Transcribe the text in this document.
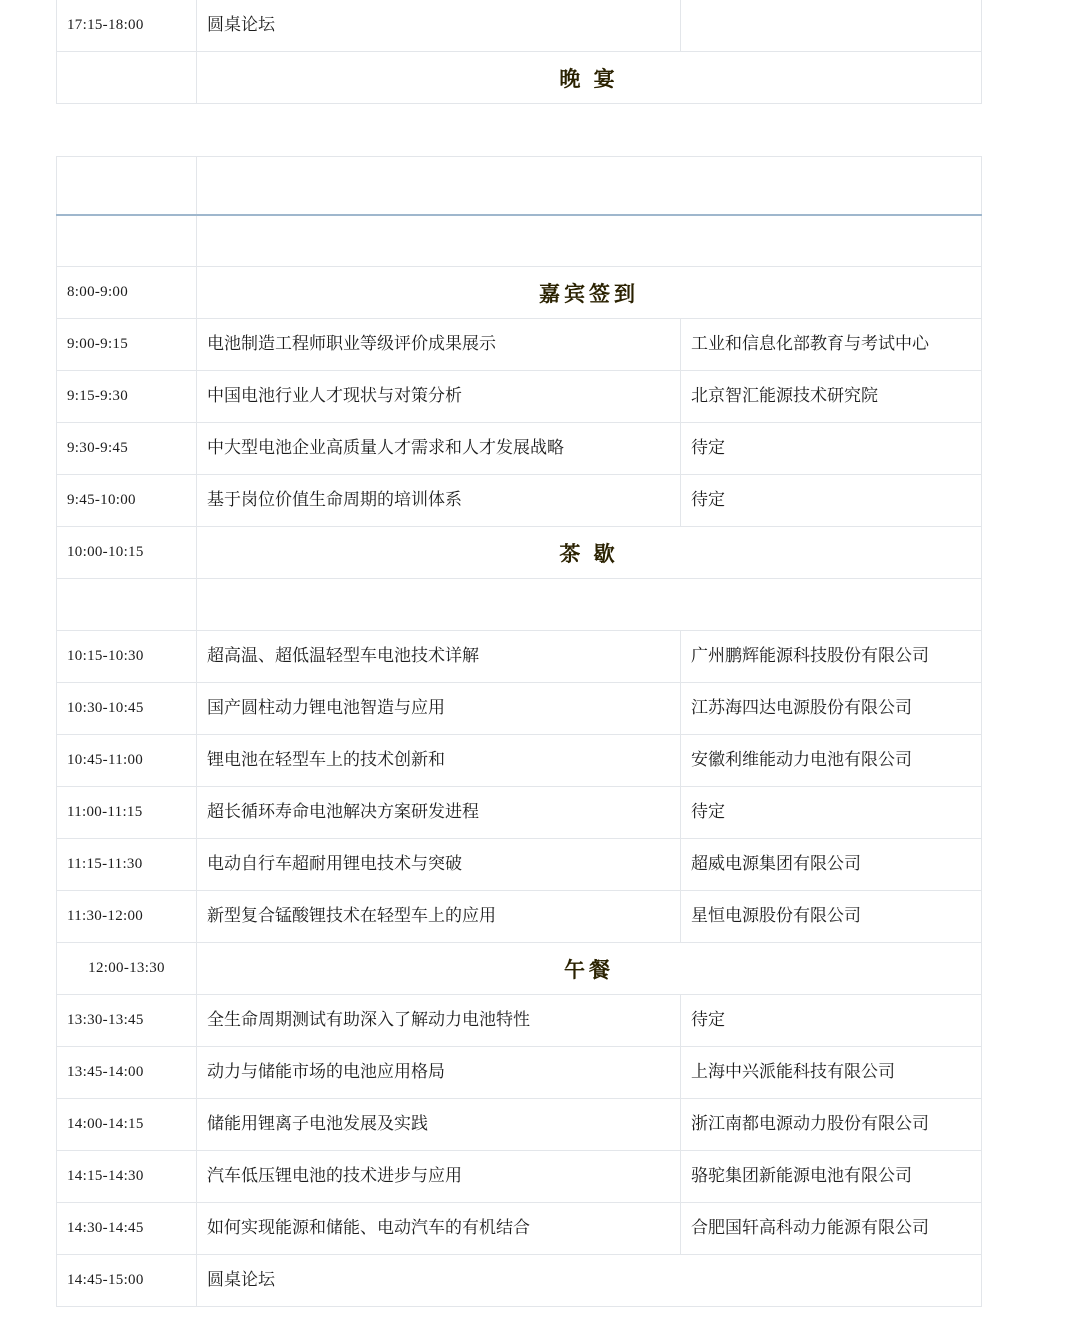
17:15-18:00	圆桌论坛	
	晚 宴	
	10 月 23 日（第二天·上午）会议议程	
	专场五：人才引领发展	
8:00-9:00	嘉宾签到	
9:00-9:15	电池制造工程师职业等级评价成果展示	工业和信息化部教育与考试中心
9:15-9:30	中国电池行业人才现状与对策分析	北京智汇能源技术研究院
9:30-9:45	中大型电池企业高质量人才需求和人才发展战略	待定
9:45-10:00	基于岗位价值生命周期的培训体系	待定
10:00-10:15	茶 歇	
	专场六：多元化应用创新和技术挑战	
10:15-10:30	超高温、超低温轻型车电池技术详解	广州鹏辉能源科技股份有限公司
10:30-10:45	国产圆柱动力锂电池智造与应用	江苏海四达电源股份有限公司
10:45-11:00	锂电池在轻型车上的技术创新和	安徽利维能动力电池有限公司
11:00-11:15	超长循环寿命电池解决方案研发进程	待定
11:15-11:30	电动自行车超耐用锂电技术与突破	超威电源集团有限公司
11:30-12:00	新型复合锰酸锂技术在轻型车上的应用	星恒电源股份有限公司
12:00-13:30	午餐	
13:30-13:45	全生命周期测试有助深入了解动力电池特性	待定
13:45-14:00	动力与储能市场的电池应用格局	上海中兴派能科技有限公司
14:00-14:15	储能用锂离子电池发展及实践	浙江南都电源动力股份有限公司
14:15-14:30	汽车低压锂电池的技术进步与应用	骆驼集团新能源电池有限公司
14:30-14:45	如何实现能源和储能、电动汽车的有机结合	合肥国轩高科动力能源有限公司
14:45-15:00	圆桌论坛	
